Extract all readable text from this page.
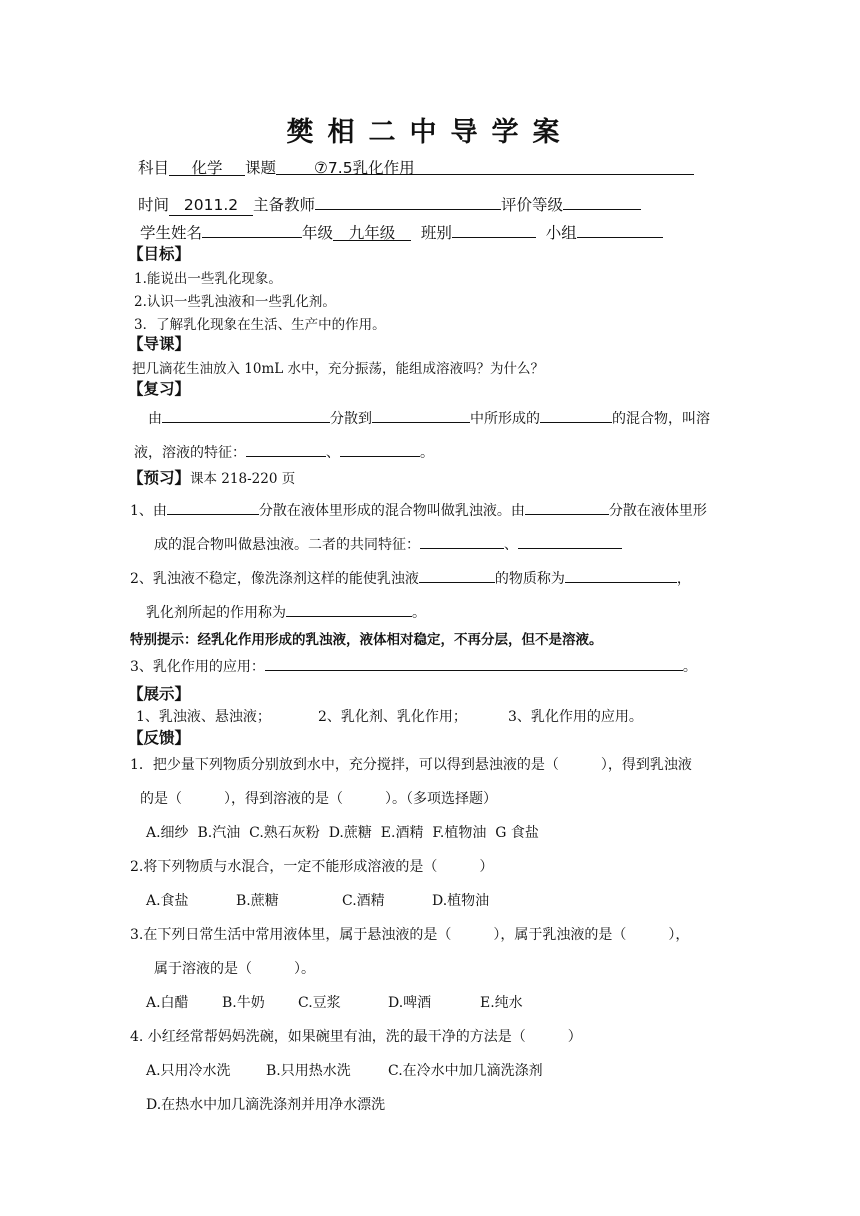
樊相二中导学案
科目 化学 课题 ⑦7.5乳化作用
时间 2011.2 主备教师	评价等级
学生姓名	年级 九年级 班别	小组
【目标】
1.能说出一些乳化现象。
2.认识一些乳浊液和一些乳化剂。
3．了解乳化现象在生活、生产中的作用。
【导课】
把几滴花生油放入 10mL 水中，充分振荡，能组成溶液吗？为什么？
【复习】
由	分散到	中所形成的	的混合物，叫溶
液，溶液的特征：	、	。
【预习】课本 218-220 页
1、由	分散在液体里形成的混合物叫做乳浊液。由	分散在液体里形
成的混合物叫做悬浊液。二者的共同特征：	、
2、乳浊液不稳定，像洗涤剂这样的能使乳浊液	的物质称为	，
乳化剂所起的作用称为	。
特别提示：经乳化作用形成的乳浊液，液体相对稳定，不再分层，但不是溶液。
3、乳化作用的应用：	。
【展示】
1、乳浊液、悬浊液；	2、乳化剂、乳化作用；	3、乳化作用的应用。
【反馈】
1．把少量下列物质分别放到水中，充分搅拌，可以得到悬浊液的是（　　　），得到乳浊液
的是（　　　），得到溶液的是（　　　）。（多项选择题）
A.细纱 B.汽油 C.熟石灰粉 D.蔗糖 E.酒精 F.植物油 G 食盐
2.将下列物质与水混合，一定不能形成溶液的是（　　　）
A.食盐	B.蔗糖	C.酒精	D.植物油
3.在下列日常生活中常用液体里，属于悬浊液的是（　　　），属于乳浊液的是（　　　），
属于溶液的是（　　　）。
A.白醋 B.牛奶 C.豆浆	D.啤酒	E.纯水
4. 小红经常帮妈妈洗碗，如果碗里有油，洗的最干净的方法是（　　　）
A.只用冷水洗	B.只用热水洗	C.在冷水中加几滴洗涤剂
D.在热水中加几滴洗涤剂并用净水漂洗
